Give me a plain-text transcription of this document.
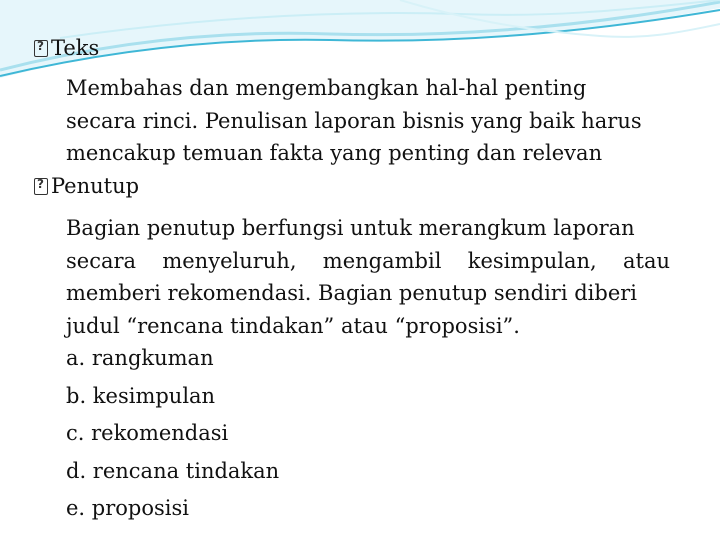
?
Teks
Membahas dan mengembangkan hal-hal penting
secara rinci. Penulisan laporan bisnis yang baik harus
mencakup temuan fakta yang penting dan relevan
?
Penutup
Bagian penutup berfungsi untuk merangkum laporan
secara menyeluruh, mengambil kesimpulan, atau
memberi rekomendasi. Bagian penutup sendiri diberi
judul “rencana tindakan” atau “proposisi”.
a. rangkuman
b. kesimpulan
c. rekomendasi
d. rencana tindakan
e. proposisi
